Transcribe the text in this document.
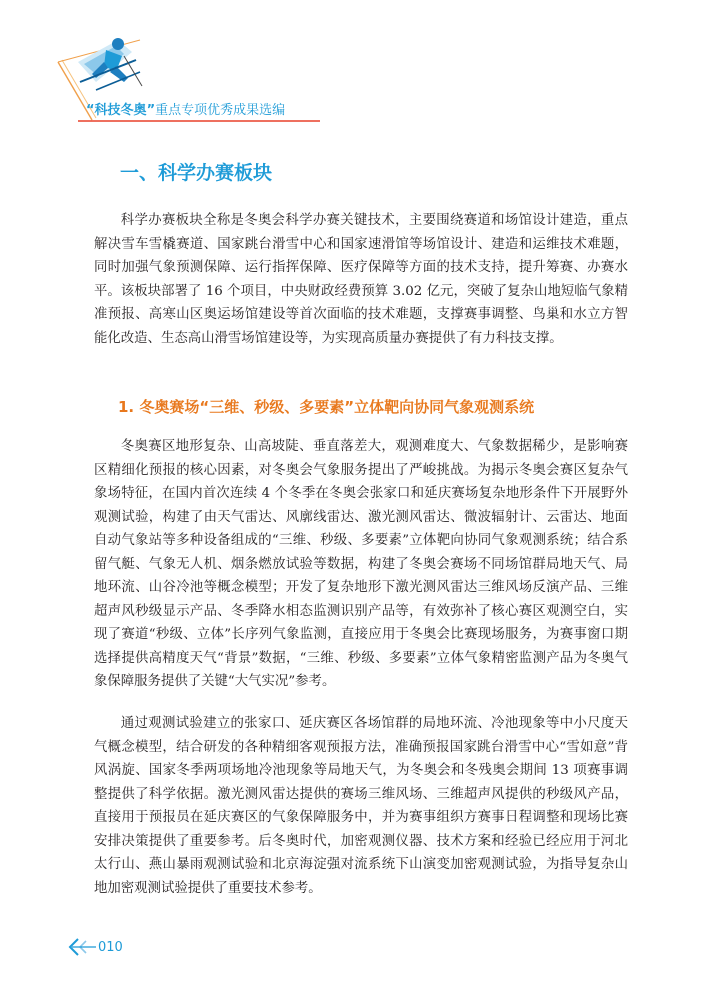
“科技冬奥”重点专项优秀成果选编
一、科学办赛板块

科学办赛板块全称是冬奥会科学办赛关键技术，主要围绕赛道和场馆设计建造，重点解决雪车雪橇赛道、国家跳台滑雪中心和国家速滑馆等场馆设计、建造和运维技术难题，同时加强气象预测保障、运行指挥保障、医疗保障等方面的技术支持，提升筹赛、办赛水平。该板块部署了 16 个项目，中央财政经费预算 3.02 亿元，突破了复杂山地短临气象精准预报、高寒山区奥运场馆建设等首次面临的技术难题，支撑赛事调整、鸟巢和水立方智能化改造、生态高山滑雪场馆建设等，为实现高质量办赛提供了有力科技支撑。

1. 冬奥赛场“三维、秒级、多要素”立体靶向协同气象观测系统

冬奥赛区地形复杂、山高坡陡、垂直落差大，观测难度大、气象数据稀少，是影响赛区精细化预报的核心因素，对冬奥会气象服务提出了严峻挑战。为揭示冬奥会赛区复杂气象场特征，在国内首次连续 4 个冬季在冬奥会张家口和延庆赛场复杂地形条件下开展野外观测试验，构建了由天气雷达、风廓线雷达、激光测风雷达、微波辐射计、云雷达、地面自动气象站等多种设备组成的“三维、秒级、多要素”立体靶向协同气象观测系统；结合系留气艇、气象无人机、烟条燃放试验等数据，构建了冬奥会赛场不同场馆群局地天气、局地环流、山谷冷池等概念模型；开发了复杂地形下激光测风雷达三维风场反演产品、三维超声风秒级显示产品、冬季降水相态监测识别产品等，有效弥补了核心赛区观测空白，实现了赛道“秒级、立体”长序列气象监测，直接应用于冬奥会比赛现场服务，为赛事窗口期选择提供高精度天气“背景”数据，“三维、秒级、多要素”立体气象精密监测产品为冬奥气象保障服务提供了关键“大气实况”参考。

通过观测试验建立的张家口、延庆赛区各场馆群的局地环流、冷池现象等中小尺度天气概念模型，结合研发的各种精细客观预报方法，准确预报国家跳台滑雪中心“雪如意”背风涡旋、国家冬季两项场地冷池现象等局地天气，为冬奥会和冬残奥会期间 13 项赛事调整提供了科学依据。激光测风雷达提供的赛场三维风场、三维超声风提供的秒级风产品，直接用于预报员在延庆赛区的气象保障服务中，并为赛事组织方赛事日程调整和现场比赛安排决策提供了重要参考。后冬奥时代，加密观测仪器、技术方案和经验已经应用于河北太行山、燕山暴雨观测试验和北京海淀强对流系统下山演变加密观测试验，为指导复杂山地加密观测试验提供了重要技术参考。

010
